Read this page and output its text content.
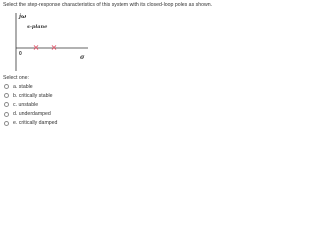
Select the step-response characteristics of this system with its closed-loop poles as shown.
jω
s-plane
0	σ
× ×
Select one:
a. stable
b. critically stable
c. unstable
d. underdamped
e. critically damped
